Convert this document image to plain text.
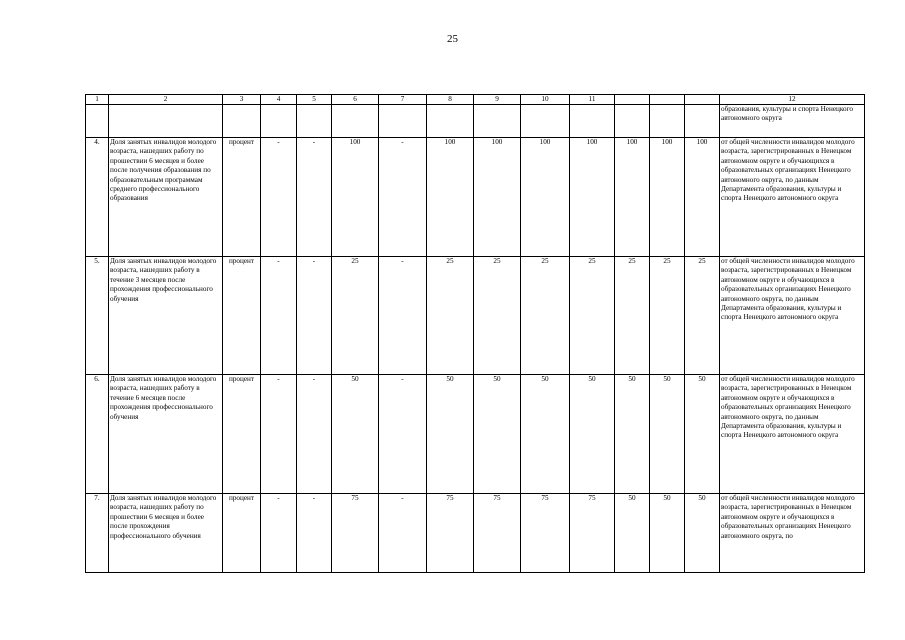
25
1	2	3	4	5	6	7	8	9	10	11				12
														образования, культуры и спорта Ненецкого автономного округа
4.	Доля занятых инвалидов молодого возраста, нашедших работу по прошествии 6 месяцев и более после получения образования по образовательным программам среднего профессионального образования	процент	-	-	100	-	100	100	100	100	100	100	100	от общей численности инвалидов молодого возраста, зарегистрированных в Ненецком автономном округе и обучающихся в образовательных организациях Ненецкого автономного округа, по данным Департамента образования, культуры и спорта Ненецкого автономного округа
5.	Доля занятых инвалидов молодого возраста, нашедших работу в течение 3 месяцев после прохождения профессионального обучения	процент	-	-	25	-	25	25	25	25	25	25	25	от общей численности инвалидов молодого возраста, зарегистрированных в Ненецком автономном округе и обучающихся в образовательных организациях Ненецкого автономного округа, по данным Департамента образования, культуры и спорта Ненецкого автономного округа
6.	Доля занятых инвалидов молодого возраста, нашедших работу в течение 6 месяцев после прохождения профессионального обучения	процент	-	-	50	-	50	50	50	50	50	50	50	от общей численности инвалидов молодого возраста, зарегистрированных в Ненецком автономном округе и обучающихся в образовательных организациях Ненецкого автономного округа, по данным Департамента образования, культуры и спорта Ненецкого автономного округа
7.	Доля занятых инвалидов молодого возраста, нашедших работу по прошествии 6 месяцев и более после прохождения профессионального обучения	процент	-	-	75	-	75	75	75	75	50	50	50	от общей численности инвалидов молодого возраста, зарегистрированных в Ненецком автономном округе и обучающихся в образовательных организациях Ненецкого автономного округа, по
